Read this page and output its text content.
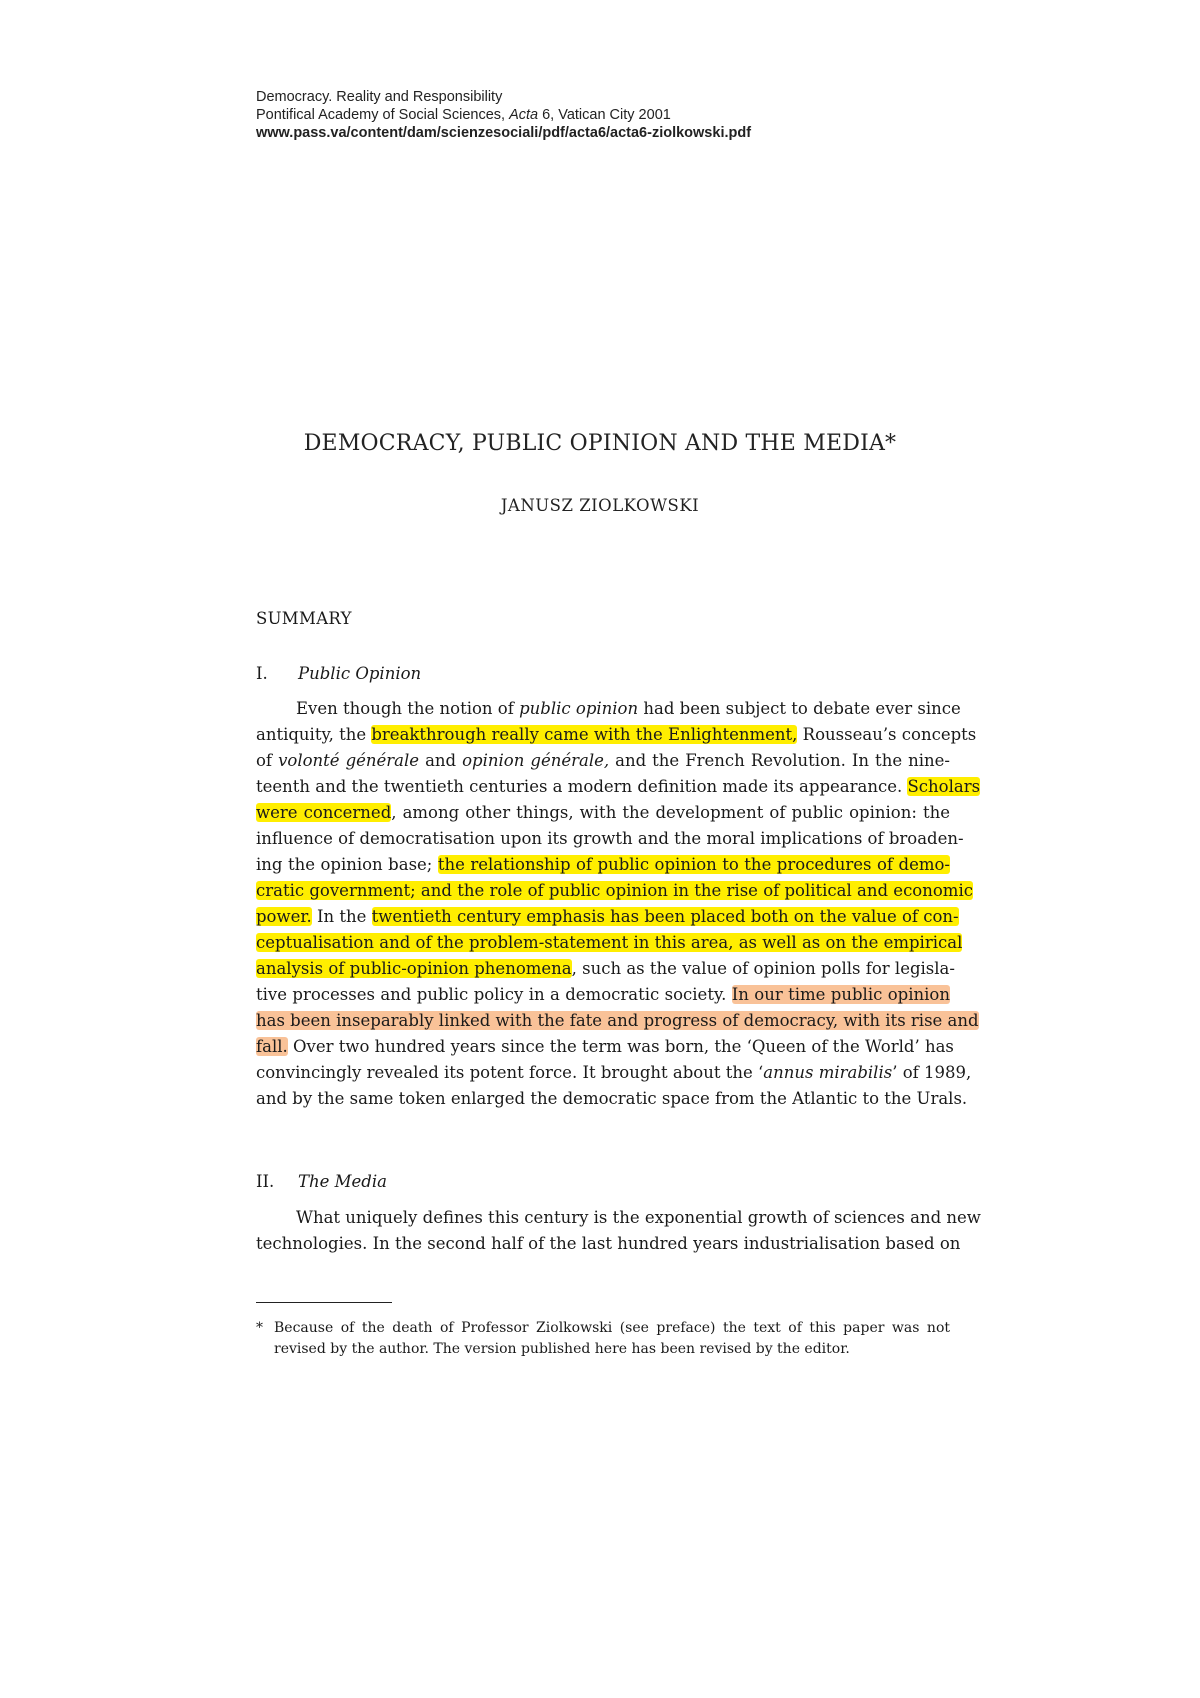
Democracy. Reality and Responsibility
Pontifical Academy of Social Sciences, Acta 6, Vatican City 2001
www.pass.va/content/dam/scienzesociali/pdf/acta6/acta6-ziolkowski.pdf
DEMOCRACY, PUBLIC OPINION AND THE MEDIA*
JANUSZ ZIOLKOWSKI
SUMMARY
I. Public Opinion
Even though the notion of public opinion had been subject to debate ever since
antiquity, the breakthrough really came with the Enlightenment, Rousseau’s concepts
of volonté générale and opinion générale, and the French Revolution. In the nine-
teenth and the twentieth centuries a modern definition made its appearance. Scholars
were concerned, among other things, with the development of public opinion: the
influence of democratisation upon its growth and the moral implications of broaden-
ing the opinion base; the relationship of public opinion to the procedures of demo-
cratic government; and the role of public opinion in the rise of political and economic
power. In the twentieth century emphasis has been placed both on the value of con-
ceptualisation and of the problem-statement in this area, as well as on the empirical
analysis of public-opinion phenomena, such as the value of opinion polls for legisla-
tive processes and public policy in a democratic society. In our time public opinion
has been inseparably linked with the fate and progress of democracy, with its rise and
fall. Over two hundred years since the term was born, the ‘Queen of the World’ has
convincingly revealed its potent force. It brought about the ‘annus mirabilis’ of 1989,
and by the same token enlarged the democratic space from the Atlantic to the Urals.
II. The Media
What uniquely defines this century is the exponential growth of sciences and new
technologies. In the second half of the last hundred years industrialisation based on
* Because of the death of Professor Ziolkowski (see preface) the text of this paper was not
revised by the author. The version published here has been revised by the editor.
